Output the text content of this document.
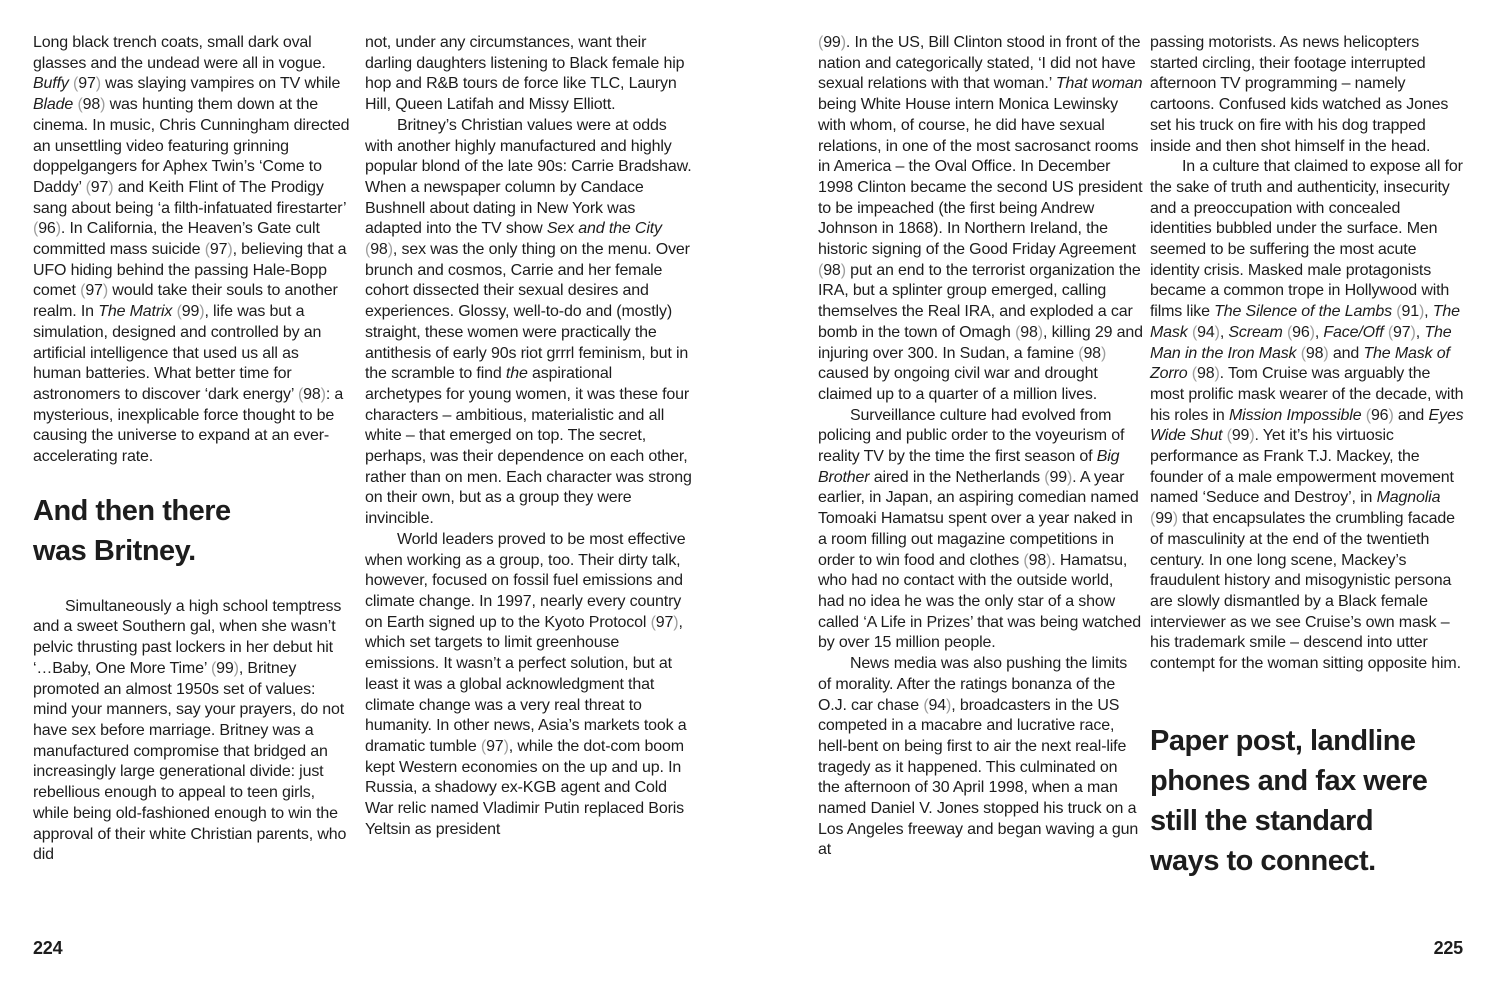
Long black trench coats, small dark oval glasses and the undead were all in vogue. Buffy (97) was slaying vampires on TV while Blade (98) was hunting them down at the cinema. In music, Chris Cunningham directed an unsettling video featuring grinning doppelgangers for Aphex Twin’s ‘Come to Daddy’ (97) and Keith Flint of The Prodigy sang about being ‘a filth-infatuated firestarter’ (96). In California, the Heaven’s Gate cult committed mass suicide (97), believing that a UFO hiding behind the passing Hale-Bopp comet (97) would take their souls to another realm. In The Matrix (99), life was but a simulation, designed and controlled by an artificial intelligence that used us all as human batteries. What better time for astronomers to discover ‘dark energy’ (98): a mysterious, inexplicable force thought to be causing the universe to expand at an ever-accelerating rate.

And then there
was Britney.

Simultaneously a high school temptress and a sweet Southern gal, when she wasn’t pelvic thrusting past lockers in her debut hit ‘…Baby, One More Time’ (99), Britney promoted an almost 1950s set of values: mind your manners, say your prayers, do not have sex before marriage. Britney was a manufactured compromise that bridged an increasingly large generational divide: just rebellious enough to appeal to teen girls, while being old-fashioned enough to win the approval of their white Christian parents, who did

not, under any circumstances, want their darling daughters listening to Black female hip hop and R&B tours de force like TLC, Lauryn Hill, Queen Latifah and Missy Elliott.

Britney’s Christian values were at odds with another highly manufactured and highly popular blond of the late 90s: Carrie Bradshaw. When a newspaper column by Candace Bushnell about dating in New York was adapted into the TV show Sex and the City (98), sex was the only thing on the menu. Over brunch and cosmos, Carrie and her female cohort dissected their sexual desires and experiences. Glossy, well-to-do and (mostly) straight, these women were practically the antithesis of early 90s riot grrrl feminism, but in the scramble to find the aspirational archetypes for young women, it was these four characters – ambitious, materialistic and all white – that emerged on top. The secret, perhaps, was their dependence on each other, rather than on men. Each character was strong on their own, but as a group they were invincible.

World leaders proved to be most effective when working as a group, too. Their dirty talk, however, focused on fossil fuel emissions and climate change. In 1997, nearly every country on Earth signed up to the Kyoto Protocol (97), which set targets to limit greenhouse emissions. It wasn’t a perfect solution, but at least it was a global acknowledgment that climate change was a very real threat to humanity. In other news, Asia’s markets took a dramatic tumble (97), while the dot-com boom kept Western economies on the up and up. In Russia, a shadowy ex-KGB agent and Cold War relic named Vladimir Putin replaced Boris Yeltsin as president

(99). In the US, Bill Clinton stood in front of the nation and categorically stated, ‘I did not have sexual relations with that woman.’ That woman being White House intern Monica Lewinsky with whom, of course, he did have sexual relations, in one of the most sacrosanct rooms in America – the Oval Office. In December 1998 Clinton became the second US president to be impeached (the first being Andrew Johnson in 1868). In Northern Ireland, the historic signing of the Good Friday Agreement (98) put an end to the terrorist organization the IRA, but a splinter group emerged, calling themselves the Real IRA, and exploded a car bomb in the town of Omagh (98), killing 29 and injuring over 300. In Sudan, a famine (98) caused by ongoing civil war and drought claimed up to a quarter of a million lives.

Surveillance culture had evolved from policing and public order to the voyeurism of reality TV by the time the first season of Big Brother aired in the Netherlands (99). A year earlier, in Japan, an aspiring comedian named Tomoaki Hamatsu spent over a year naked in a room filling out magazine competitions in order to win food and clothes (98). Hamatsu, who had no contact with the outside world, had no idea he was the only star of a show called ‘A Life in Prizes’ that was being watched by over 15 million people.

News media was also pushing the limits of morality. After the ratings bonanza of the O.J. car chase (94), broadcasters in the US competed in a macabre and lucrative race, hell-bent on being first to air the next real-life tragedy as it happened. This culminated on the afternoon of 30 April 1998, when a man named Daniel V. Jones stopped his truck on a Los Angeles freeway and began waving a gun at

passing motorists. As news helicopters started circling, their footage interrupted afternoon TV programming – namely cartoons. Confused kids watched as Jones set his truck on fire with his dog trapped inside and then shot himself in the head.

In a culture that claimed to expose all for the sake of truth and authenticity, insecurity and a preoccupation with concealed identities bubbled under the surface. Men seemed to be suffering the most acute identity crisis. Masked male protagonists became a common trope in Hollywood with films like The Silence of the Lambs (91), The Mask (94), Scream (96), Face/Off (97), The Man in the Iron Mask (98) and The Mask of Zorro (98). Tom Cruise was arguably the most prolific mask wearer of the decade, with his roles in Mission Impossible (96) and Eyes Wide Shut (99). Yet it’s his virtuosic performance as Frank T.J. Mackey, the founder of a male empowerment movement named ‘Seduce and Destroy’, in Magnolia (99) that encapsulates the crumbling facade of masculinity at the end of the twentieth century. In one long scene, Mackey’s fraudulent history and misogynistic persona are slowly dismantled by a Black female interviewer as we see Cruise’s own mask – his trademark smile – descend into utter contempt for the woman sitting opposite him.

Paper post, landline
phones and fax were
still the standard
ways to connect.
224	225
